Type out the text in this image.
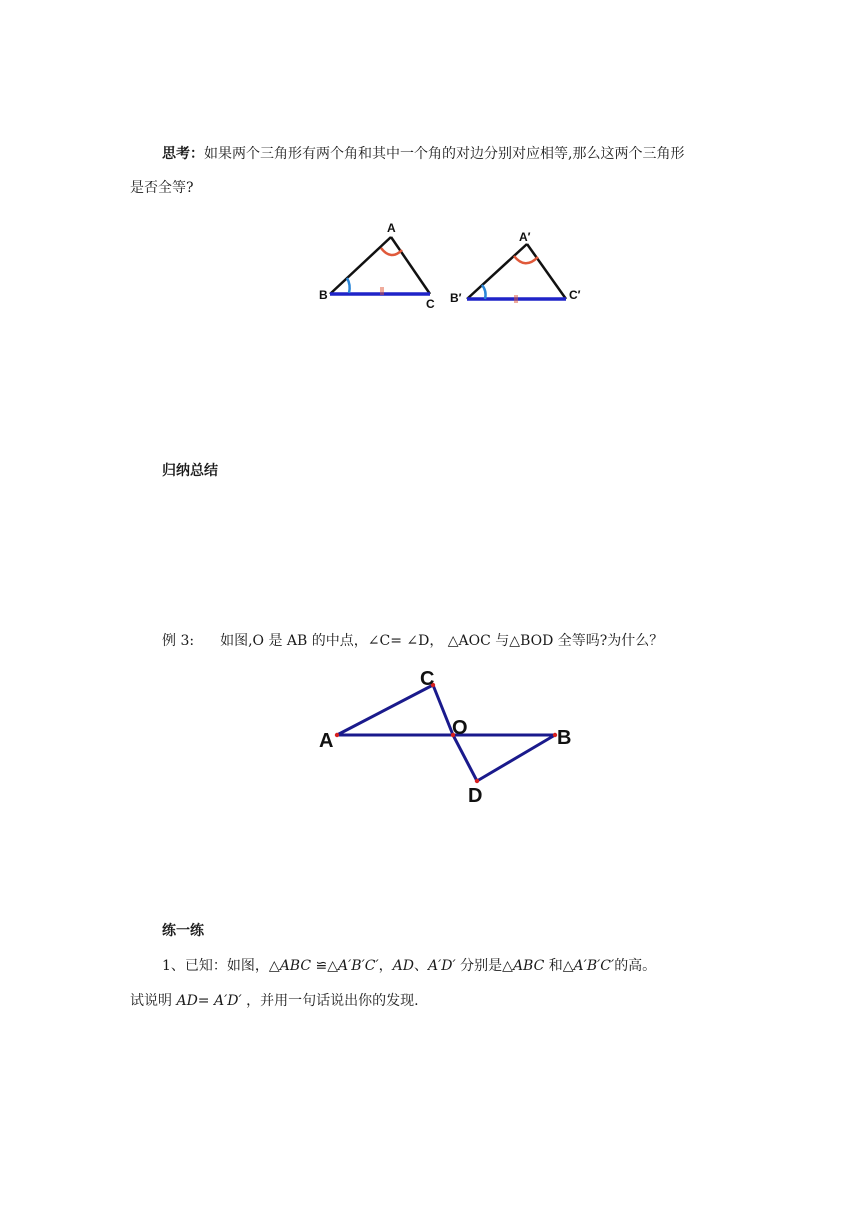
思考：如果两个三角形有两个角和其中一个角的对边分别对应相等,那么这两个三角形
是否全等?
A
B
C
A′
B′	C′
归纳总结
例 3: 如图,O 是 AB 的中点，∠C= ∠D， △AOC 与△BOD 全等吗?为什么？
A
C
O	B
D
练一练
1、已知：如图，△ABC ≌△A′B′C′，AD、A′D′ 分别是△ABC 和△A′B′C′的高。
试说明 AD= A′D′ ，并用一句话说出你的发现.
